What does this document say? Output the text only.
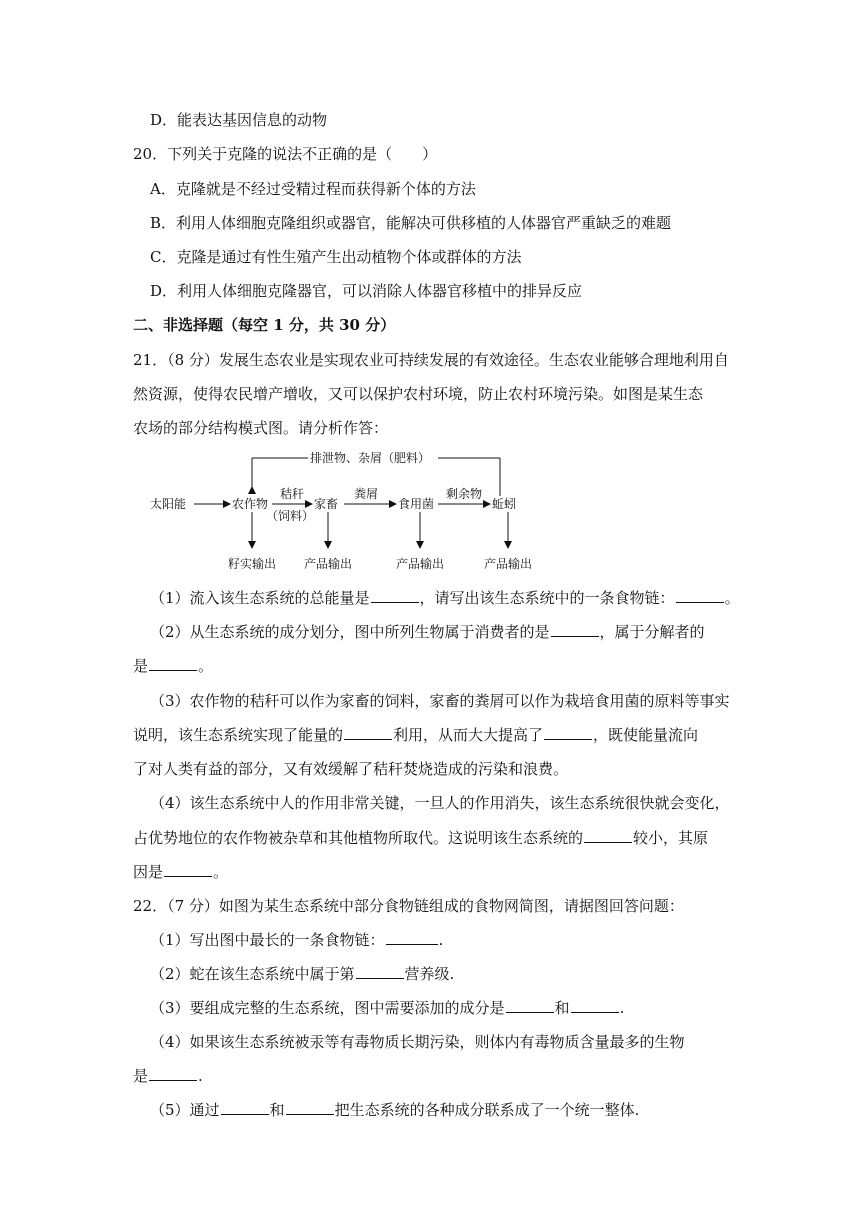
D．能表达基因信息的动物
20．下列关于克隆的说法不正确的是（　　）
A．克隆就是不经过受精过程而获得新个体的方法
B．利用人体细胞克隆组织或器官，能解决可供移植的人体器官严重缺乏的难题
C．克隆是通过有性生殖产生出动植物个体或群体的方法
D．利用人体细胞克隆器官，可以消除人体器官移植中的排异反应
二、非选择题（每空 1 分，共 30 分）
21．（8 分）发展生态农业是实现农业可持续发展的有效途径。生态农业能够合理地利用自
然资源，使得农民增产增收，又可以保护农村环境，防止农村环境污染。如图是某生态
农场的部分结构模式图。请分析作答：
排泄物、杂屑（肥料）
太阳能	农作物
秸秆
（饲料）
家畜
粪屑
食用菌
剩余物
蚯蚓
籽实输出 产品输出	产品输出	产品输出
（1）流入该生态系统的总能量是	，请写出该生态系统中的一条食物链：	。
（2）从生态系统的成分划分，图中所列生物属于消费者的是	，属于分解者的
是	。
（3）农作物的秸秆可以作为家畜的饲料，家畜的粪屑可以作为栽培食用菌的原料等事实
说明，该生态系统实现了能量的	利用，从而大大提高了	，既使能量流向
了对人类有益的部分，又有效缓解了秸秆焚烧造成的污染和浪费。
（4）该生态系统中人的作用非常关键，一旦人的作用消失，该生态系统很快就会变化，
占优势地位的农作物被杂草和其他植物所取代。这说明该生态系统的	较小，其原
因是	。
22．（7 分）如图为某生态系统中部分食物链组成的食物网简图，请据图回答问题：
（1）写出图中最长的一条食物链：	.
（2）蛇在该生态系统中属于第	营养级.
（3）要组成完整的生态系统，图中需要添加的成分是	和	.
（4）如果该生态系统被汞等有毒物质长期污染，则体内有毒物质含量最多的生物
是	.
（5）通过	和	把生态系统的各种成分联系成了一个统一整体.
